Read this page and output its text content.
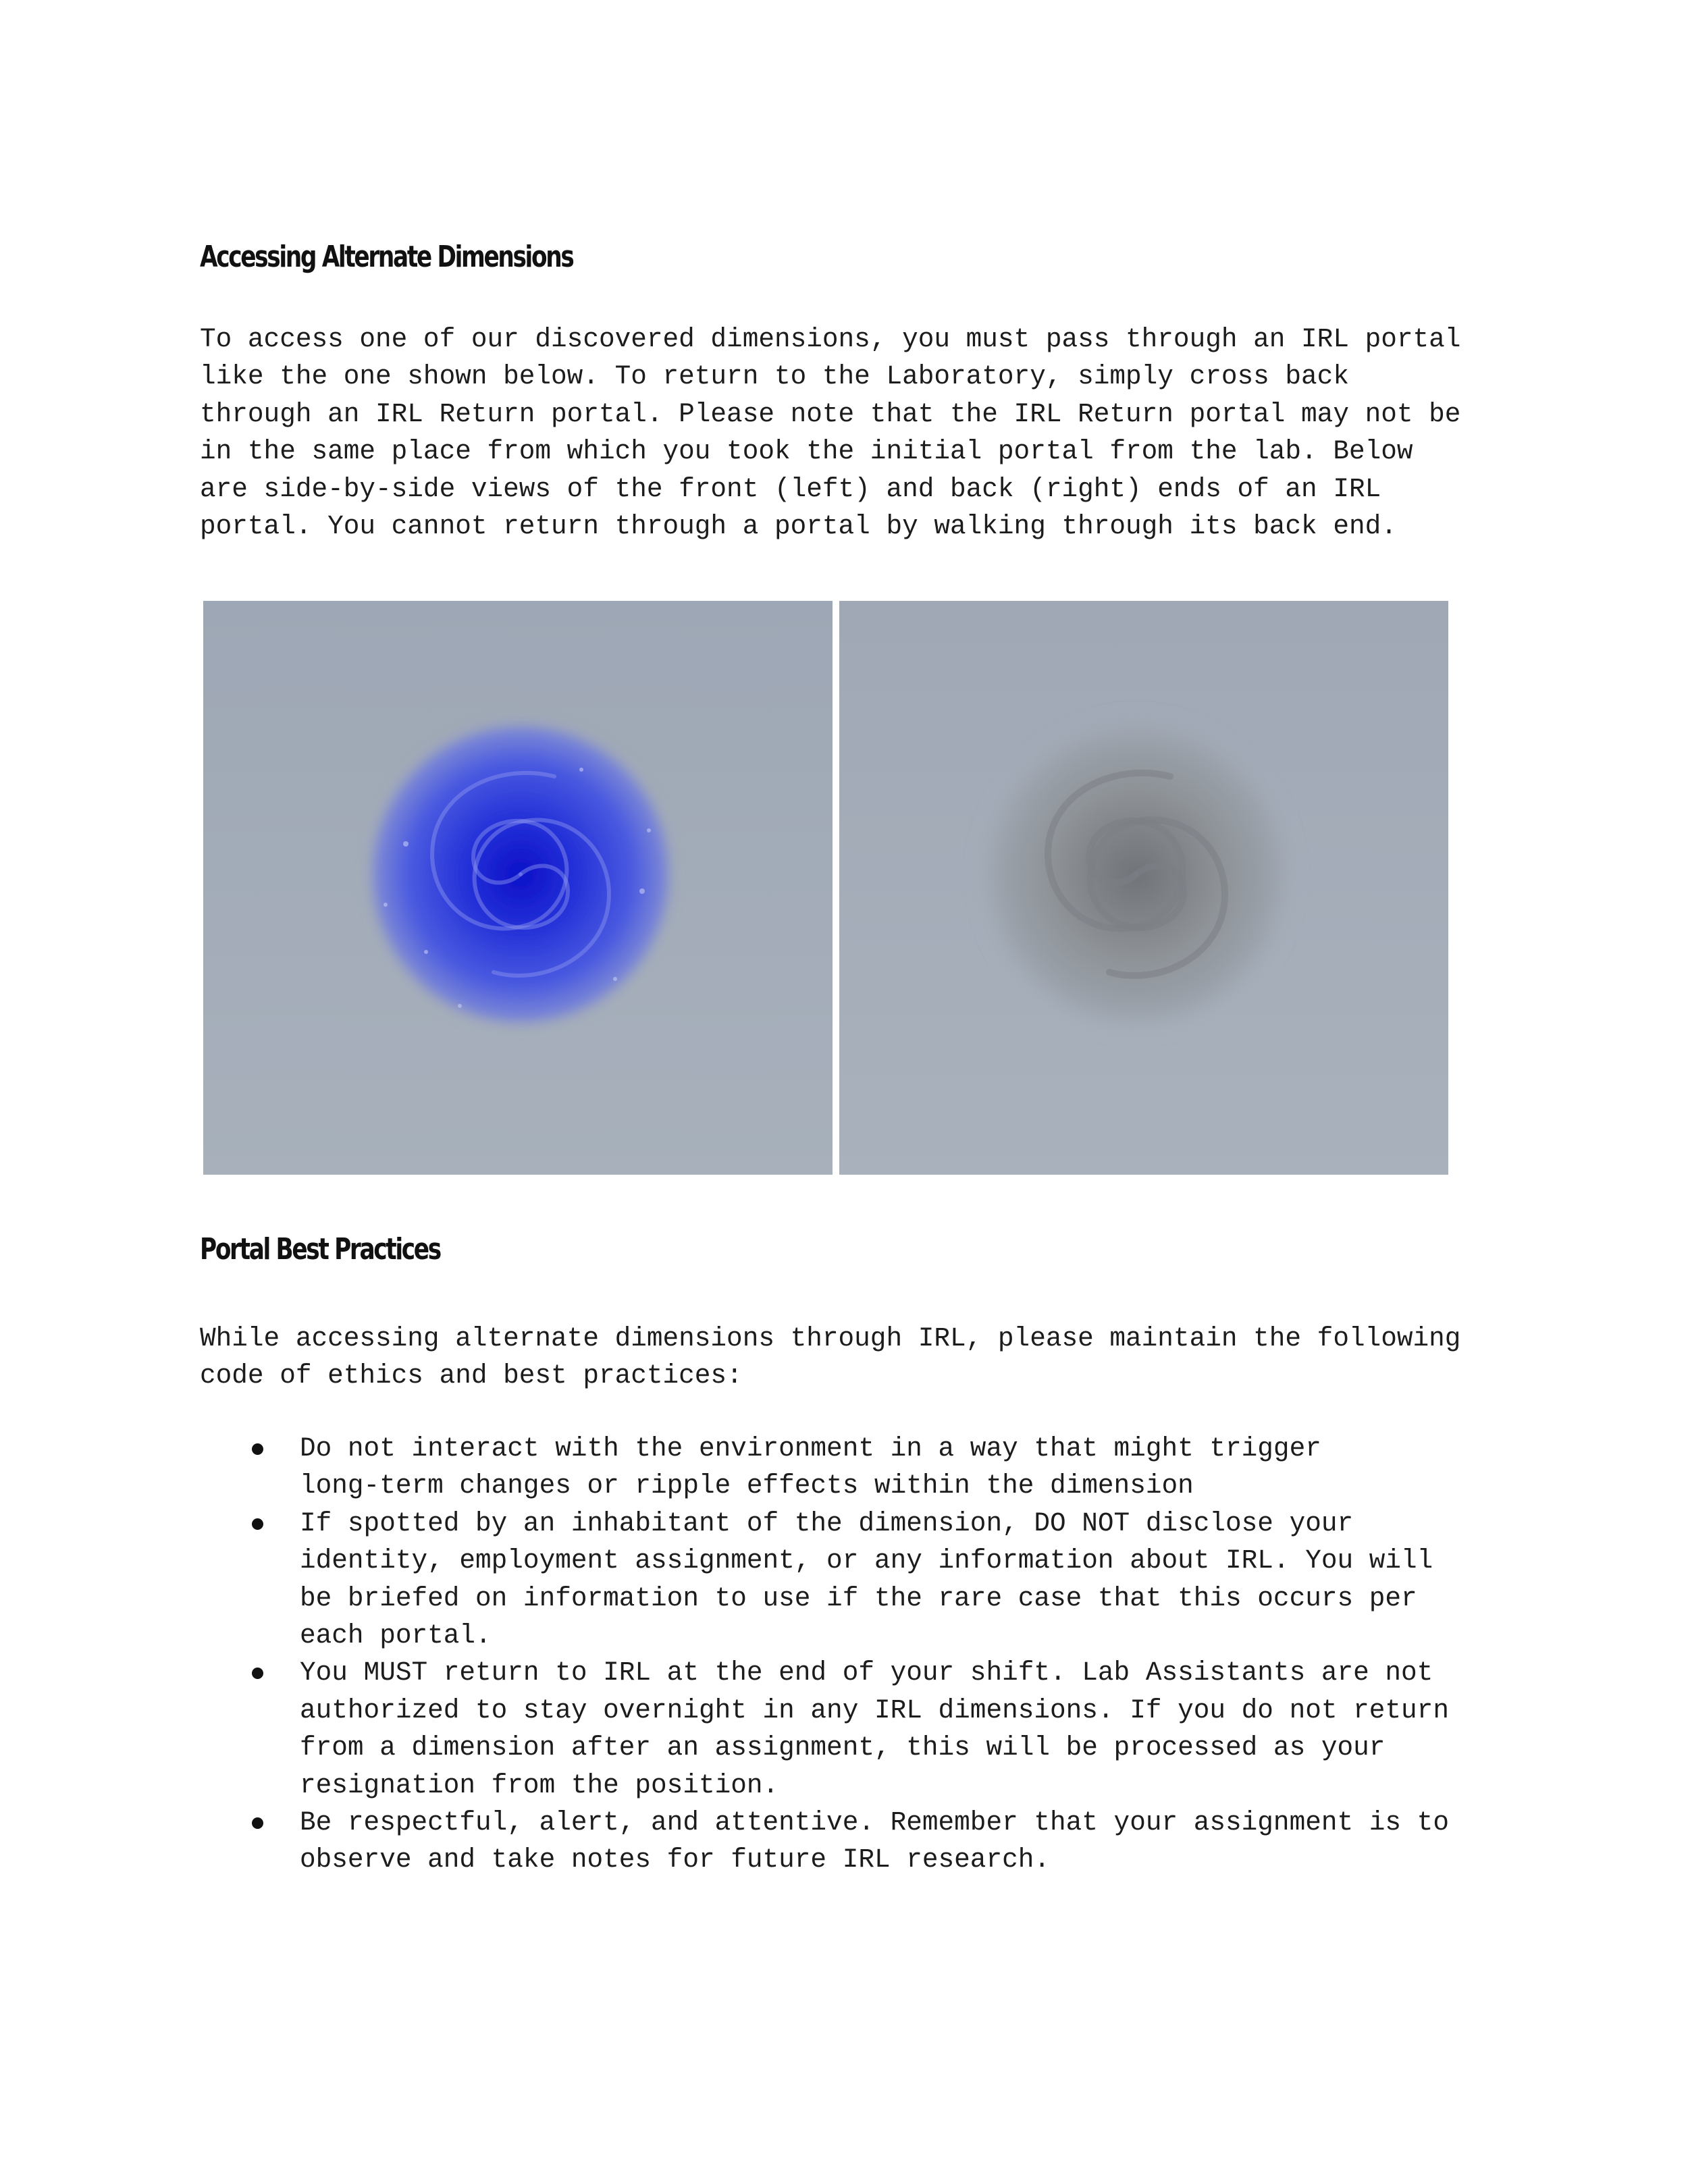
Accessing Alternate Dimensions

To access one of our discovered dimensions, you must pass through an IRL portal
like the one shown below. To return to the Laboratory, simply cross back
through an IRL Return portal. Please note that the IRL Return portal may not be
in the same place from which you took the initial portal from the lab. Below
are side-by-side views of the front (left) and back (right) ends of an IRL
portal. You cannot return through a portal by walking through its back end.

Portal Best Practices

While accessing alternate dimensions through IRL, please maintain the following
code of ethics and best practices:

Do not interact with the environment in a way that might trigger
long-term changes or ripple effects within the dimension
If spotted by an inhabitant of the dimension, DO NOT disclose your
identity, employment assignment, or any information about IRL. You will
be briefed on information to use if the rare case that this occurs per
each portal.
You MUST return to IRL at the end of your shift. Lab Assistants are not
authorized to stay overnight in any IRL dimensions. If you do not return
from a dimension after an assignment, this will be processed as your
resignation from the position.
Be respectful, alert, and attentive. Remember that your assignment is to
observe and take notes for future IRL research.
